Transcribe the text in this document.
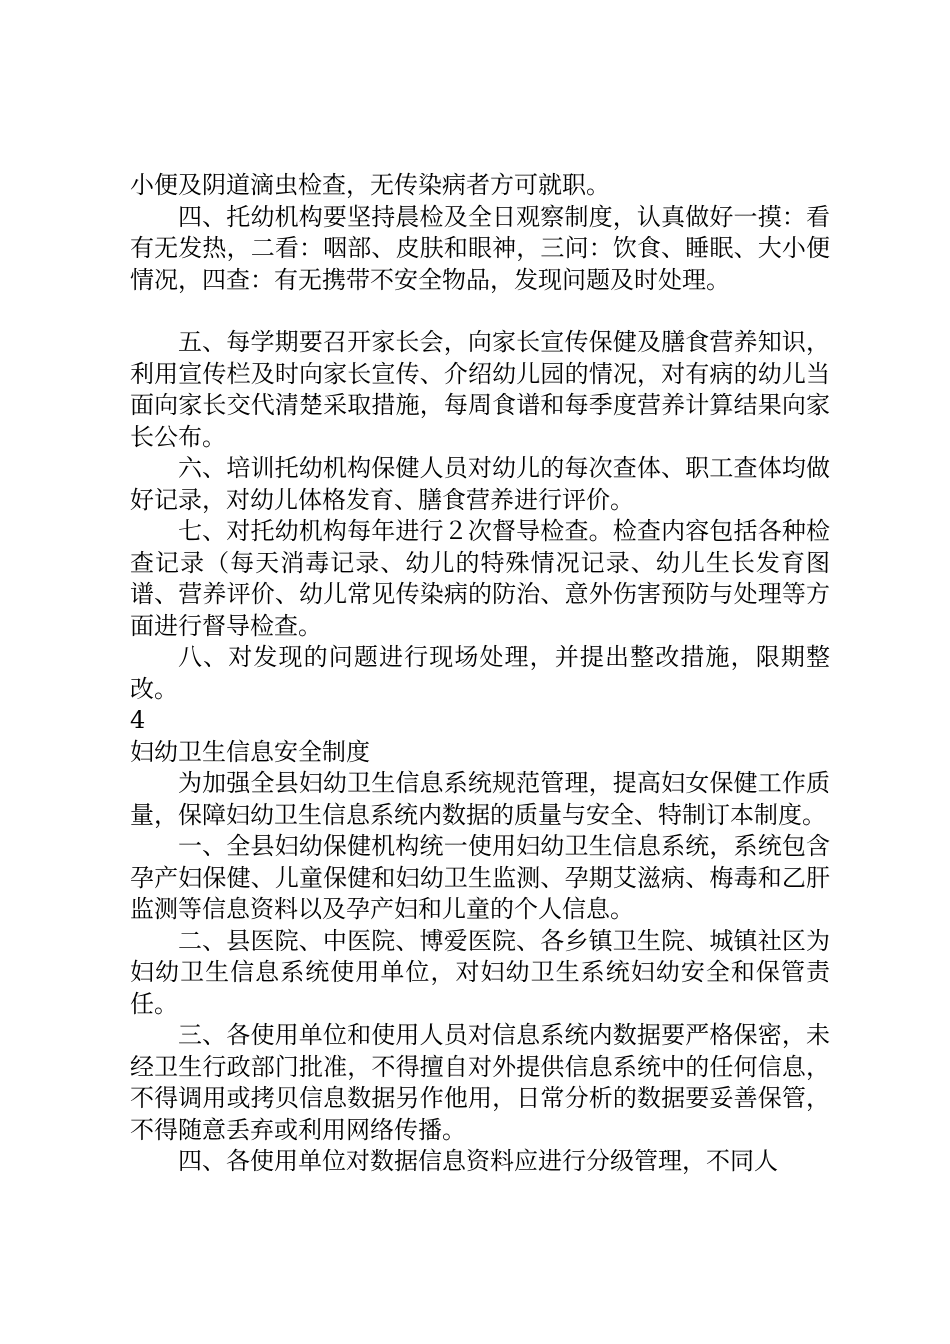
小便及阴道滴虫检查，无传染病者方可就职。

四、托幼机构要坚持晨检及全日观察制度，认真做好一摸：看有无发热，二看：咽部、皮肤和眼神，三问：饮食、睡眠、大小便情况，四查：有无携带不安全物品，发现问题及时处理。

五、每学期要召开家长会，向家长宣传保健及膳食营养知识，利用宣传栏及时向家长宣传、介绍幼儿园的情况，对有病的幼儿当面向家长交代清楚采取措施，每周食谱和每季度营养计算结果向家长公布。

六、培训托幼机构保健人员对幼儿的每次查体、职工查体均做好记录，对幼儿体格发育、膳食营养进行评价。

七、对托幼机构每年进行２次督导检查。检查内容包括各种检查记录（每天消毒记录、幼儿的特殊情况记录、幼儿生长发育图谱、营养评价、幼儿常见传染病的防治、意外伤害预防与处理等方面进行督导检查。

八、对发现的问题进行现场处理，并提出整改措施，限期整改。

4

妇幼卫生信息安全制度

为加强全县妇幼卫生信息系统规范管理，提高妇女保健工作质量，保障妇幼卫生信息系统内数据的质量与安全、特制订本制度。

一、全县妇幼保健机构统一使用妇幼卫生信息系统，系统包含孕产妇保健、儿童保健和妇幼卫生监测、孕期艾滋病、梅毒和乙肝监测等信息资料以及孕产妇和儿童的个人信息。

二、县医院、中医院、博爱医院、各乡镇卫生院、城镇社区为妇幼卫生信息系统使用单位，对妇幼卫生系统妇幼安全和保管责任。

三、各使用单位和使用人员对信息系统内数据要严格保密，未经卫生行政部门批准，不得擅自对外提供信息系统中的任何信息，不得调用或拷贝信息数据另作他用，日常分析的数据要妥善保管，不得随意丢弃或利用网络传播。

四、各使用单位对数据信息资料应进行分级管理，不同人
